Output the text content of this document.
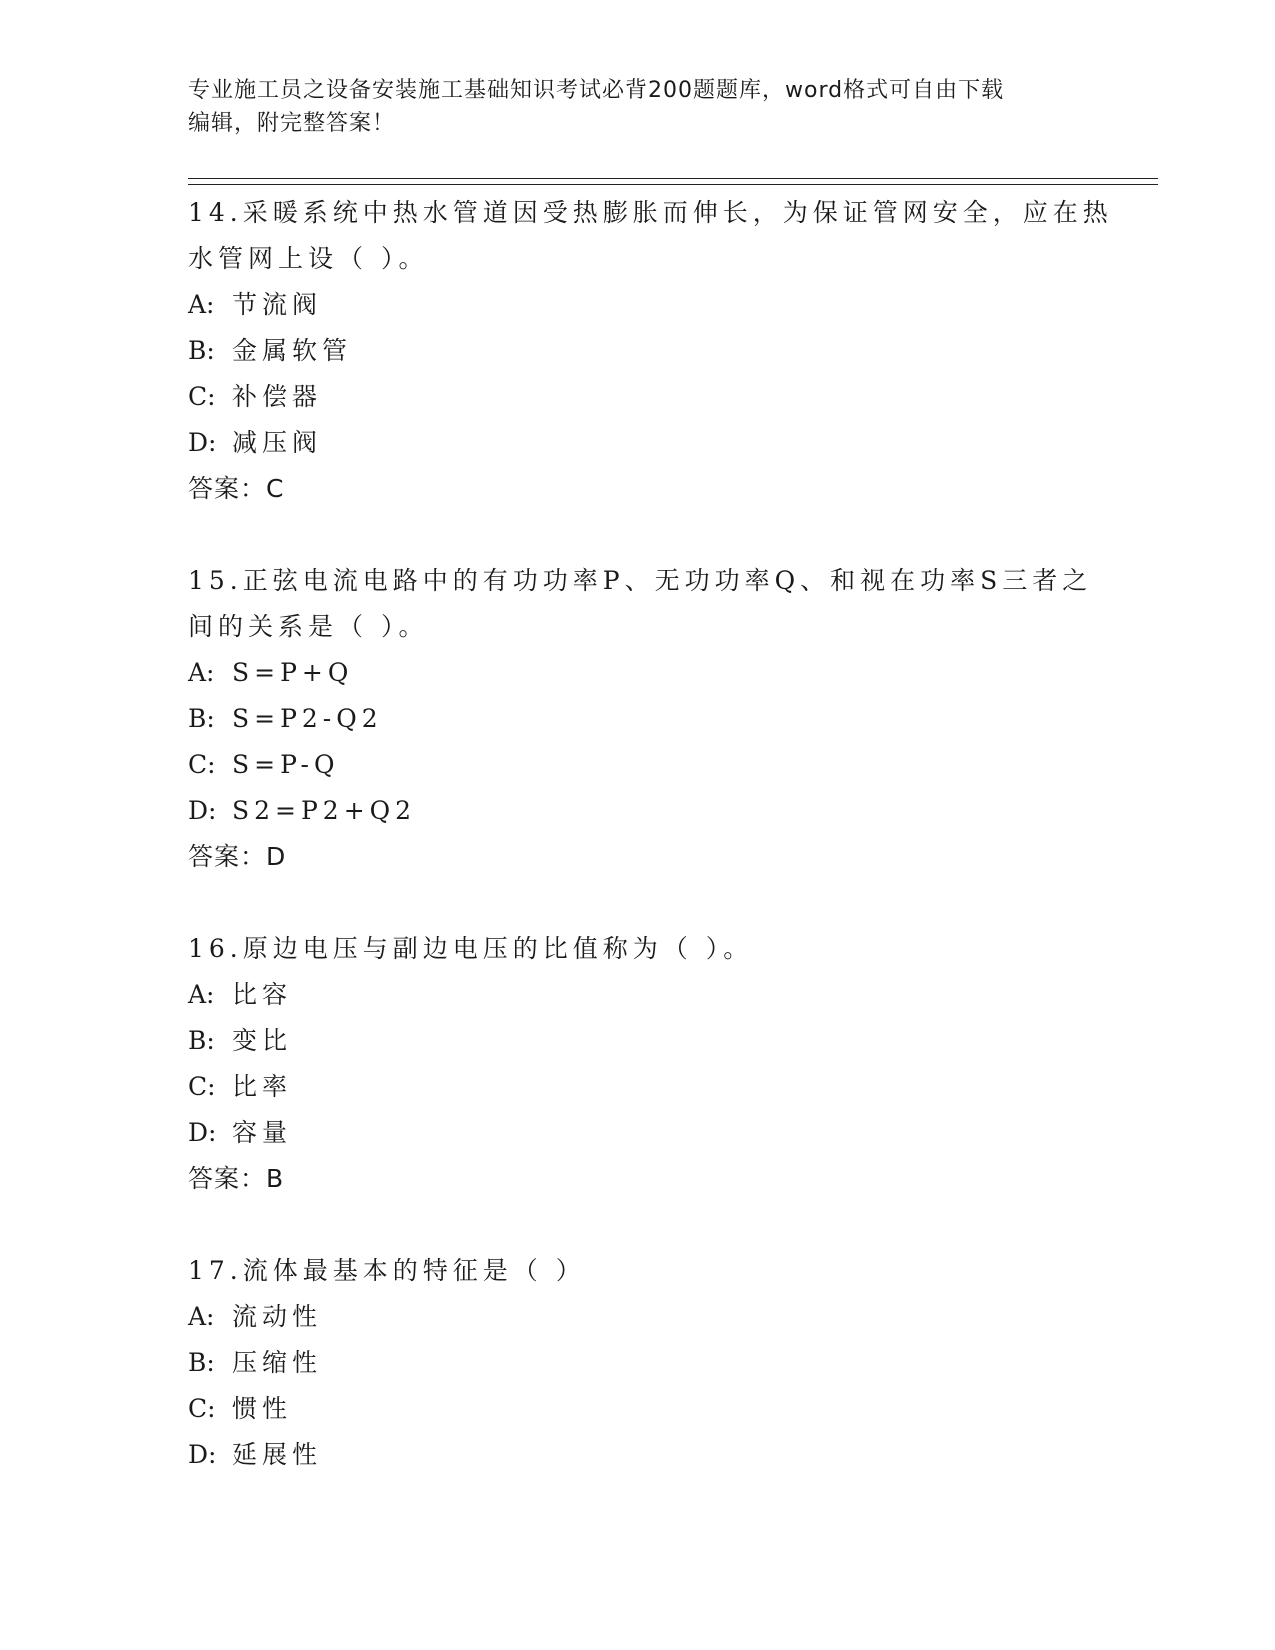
专业施工员之设备安装施工基础知识考试必背200题题库，word格式可自由下载
编辑，附完整答案！
14.采暖系统中热水管道因受热膨胀而伸长，为保证管网安全，应在热
水管网上设（ ）。
A: 节流阀
B: 金属软管
C: 补偿器
D: 减压阀
答案：C
15.正弦电流电路中的有功功率P、无功功率Q、和视在功率S三者之
间的关系是（ ）。
A: S=P+Q
B: S=P2-Q2
C: S=P-Q
D: S2=P2+Q2
答案：D
16.原边电压与副边电压的比值称为（ ）。
A: 比容
B: 变比
C: 比率
D: 容量
答案：B
17.流体最基本的特征是（ ）
A: 流动性
B: 压缩性
C: 惯性
D: 延展性
